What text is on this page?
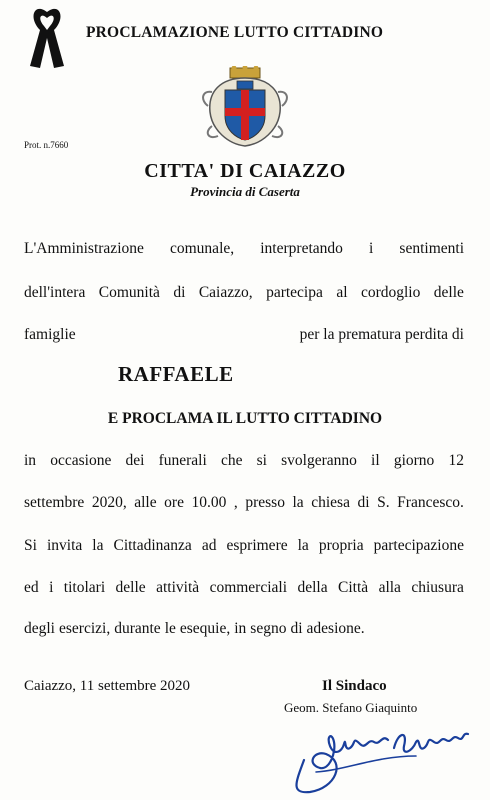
PROCLAMAZIONE LUTTO CITTADINO
Prot. n.7660
CITTA' DI CAIAZZO
Provincia di Caserta
L'Amministrazione comunale, interpretando i sentimenti
dell'intera Comunità di Caiazzo, partecipa al cordoglio delle
famiglie	per la prematura perdita di
RAFFAELE
E PROCLAMA IL LUTTO CITTADINO
in occasione dei funerali che si svolgeranno il giorno 12
settembre 2020, alle ore 10.00 , presso la chiesa di S. Francesco.
Si invita la Cittadinanza ad esprimere la propria partecipazione
ed i titolari delle attività commerciali della Città alla chiusura
degli esercizi, durante le esequie, in segno di adesione.
Caiazzo, 11 settembre 2020	Il Sindaco
Geom. Stefano Giaquinto
